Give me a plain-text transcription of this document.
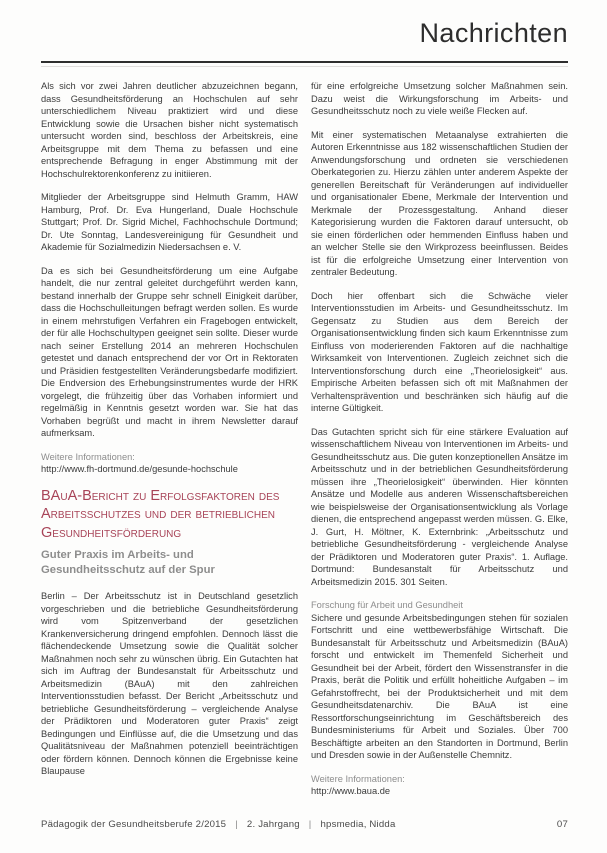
Nachrichten

Als sich vor zwei Jahren deutlicher abzuzeichnen begann, dass Gesundheitsförderung an Hochschulen auf sehr unterschiedlichem Niveau praktiziert wird und diese Entwicklung sowie die Ursachen bisher nicht systematisch untersucht worden sind, beschloss der Arbeitskreis, eine Arbeitsgruppe mit dem Thema zu befassen und eine entsprechende Befragung in enger Abstimmung mit der Hochschulrektorenkonferenz zu initiieren.

Mitglieder der Arbeitsgruppe sind Helmuth Gramm, HAW Hamburg, Prof. Dr. Eva Hungerland, Duale Hochschule Stuttgart; Prof. Dr. Sigrid Michel, Fachhochschule Dortmund; Dr. Ute Sonntag, Landesvereinigung für Gesundheit und Akademie für Sozialmedizin Niedersachsen e. V.

Da es sich bei Gesundheitsförderung um eine Aufgabe handelt, die nur zentral geleitet durchgeführt werden kann, bestand innerhalb der Gruppe sehr schnell Einigkeit darüber, dass die Hochschulleitungen befragt werden sollen. Es wurde in einem mehrstufigen Verfahren ein Fragebogen entwickelt, der für alle Hochschultypen geeignet sein sollte. Dieser wurde nach seiner Erstellung 2014 an mehreren Hochschulen getestet und danach entsprechend der vor Ort in Rektoraten und Präsidien festgestellten Veränderungsbedarfe modifiziert. Die Endversion des Erhebungsinstrumentes wurde der HRK vorgelegt, die frühzeitig über das Vorhaben informiert und regelmäßig in Kenntnis gesetzt worden war. Sie hat das Vorhaben begrüßt und macht in ihrem Newsletter darauf aufmerksam.

Weitere Informationen:
http://www.fh-dortmund.de/gesunde-hochschule
BAuA-Bericht zu Erfolgsfaktoren des Arbeitsschutzes und der betrieblichen Gesundheitsförderung
Guter Praxis im Arbeits- und Gesundheitsschutz auf der Spur

Berlin – Der Arbeitsschutz ist in Deutschland gesetzlich vorgeschrieben und die betriebliche Gesundheitsförderung wird vom Spitzenverband der gesetzlichen Krankenversicherung dringend empfohlen. Dennoch lässt die flächendeckende Umsetzung sowie die Qualität solcher Maßnahmen noch sehr zu wünschen übrig. Ein Gutachten hat sich im Auftrag der Bundesanstalt für Arbeitsschutz und Arbeitsmedizin (BAuA) mit den zahlreichen Interventionsstudien befasst. Der Bericht „Arbeitsschutz und betriebliche Gesundheitsförderung – vergleichende Analyse der Prädiktoren und Moderatoren guter Praxis“ zeigt Bedingungen und Einflüsse auf, die die Umsetzung und das Qualitätsniveau der Maßnahmen potenziell beeinträchtigen oder fördern können. Dennoch können die Ergebnisse keine Blaupause

für eine erfolgreiche Umsetzung solcher Maßnahmen sein. Dazu weist die Wirkungsforschung im Arbeits- und Gesundheitsschutz noch zu viele weiße Flecken auf.

Mit einer systematischen Metaanalyse extrahierten die Autoren Erkenntnisse aus 182 wissenschaftlichen Studien der Anwendungsforschung und ordneten sie verschiedenen Oberkategorien zu. Hierzu zählen unter anderem Aspekte der generellen Bereitschaft für Veränderungen auf individueller und organisationaler Ebene, Merkmale der Intervention und Merkmale der Prozessgestaltung. Anhand dieser Kategorisierung wurden die Faktoren darauf untersucht, ob sie einen förderlichen oder hemmenden Einfluss haben und an welcher Stelle sie den Wirkprozess beeinflussen. Beides ist für die erfolgreiche Umsetzung einer Intervention von zentraler Bedeutung.

Doch hier offenbart sich die Schwäche vieler Interventionsstudien im Arbeits- und Gesundheitsschutz. Im Gegensatz zu Studien aus dem Bereich der Organisationsentwicklung finden sich kaum Erkenntnisse zum Einfluss von moderierenden Faktoren auf die nachhaltige Wirksamkeit von Interventionen. Zugleich zeichnet sich die Interventionsforschung durch eine „Theorielosigkeit“ aus. Empirische Arbeiten befassen sich oft mit Maßnahmen der Verhaltensprävention und beschränken sich häufig auf die interne Gültigkeit.

Das Gutachten spricht sich für eine stärkere Evaluation auf wissenschaftlichem Niveau von Interventionen im Arbeits- und Gesundheitsschutz aus. Die guten konzeptionellen Ansätze im Arbeitsschutz und in der betrieblichen Gesundheitsförderung müssen ihre „Theorielosigkeit“ überwinden. Hier könnten Ansätze und Modelle aus anderen Wissenschaftsbereichen wie beispielsweise der Organisationsentwicklung als Vorlage dienen, die entsprechend angepasst werden müssen. G. Elke, J. Gurt, H. Möltner, K. Externbrink: „Arbeitsschutz und betriebliche Gesundheitsförderung - vergleichende Analyse der Prädiktoren und Moderatoren guter Praxis“. 1. Auflage. Dortmund: Bundesanstalt für Arbeitsschutz und Arbeitsmedizin 2015. 301 Seiten.

Forschung für Arbeit und Gesundheit

Sichere und gesunde Arbeitsbedingungen stehen für sozialen Fortschritt und eine wettbewerbsfähige Wirtschaft. Die Bundesanstalt für Arbeitsschutz und Arbeitsmedizin (BAuA) forscht und entwickelt im Themenfeld Sicherheit und Gesundheit bei der Arbeit, fördert den Wissenstransfer in die Praxis, berät die Politik und erfüllt hoheitliche Aufgaben – im Gefahrstoffrecht, bei der Produktsicherheit und mit dem Gesundheitsdatenarchiv. Die BAuA ist eine Ressortforschungseinrichtung im Geschäftsbereich des Bundesministeriums für Arbeit und Soziales. Über 700 Beschäftigte arbeiten an den Standorten in Dortmund, Berlin und Dresden sowie in der Außenstelle Chemnitz.

Weitere Informationen:
http://www.baua.de
Pädagogik der Gesundheitsberufe 2/2015 | 2. Jahrgang | hpsmedia, Nidda	07
